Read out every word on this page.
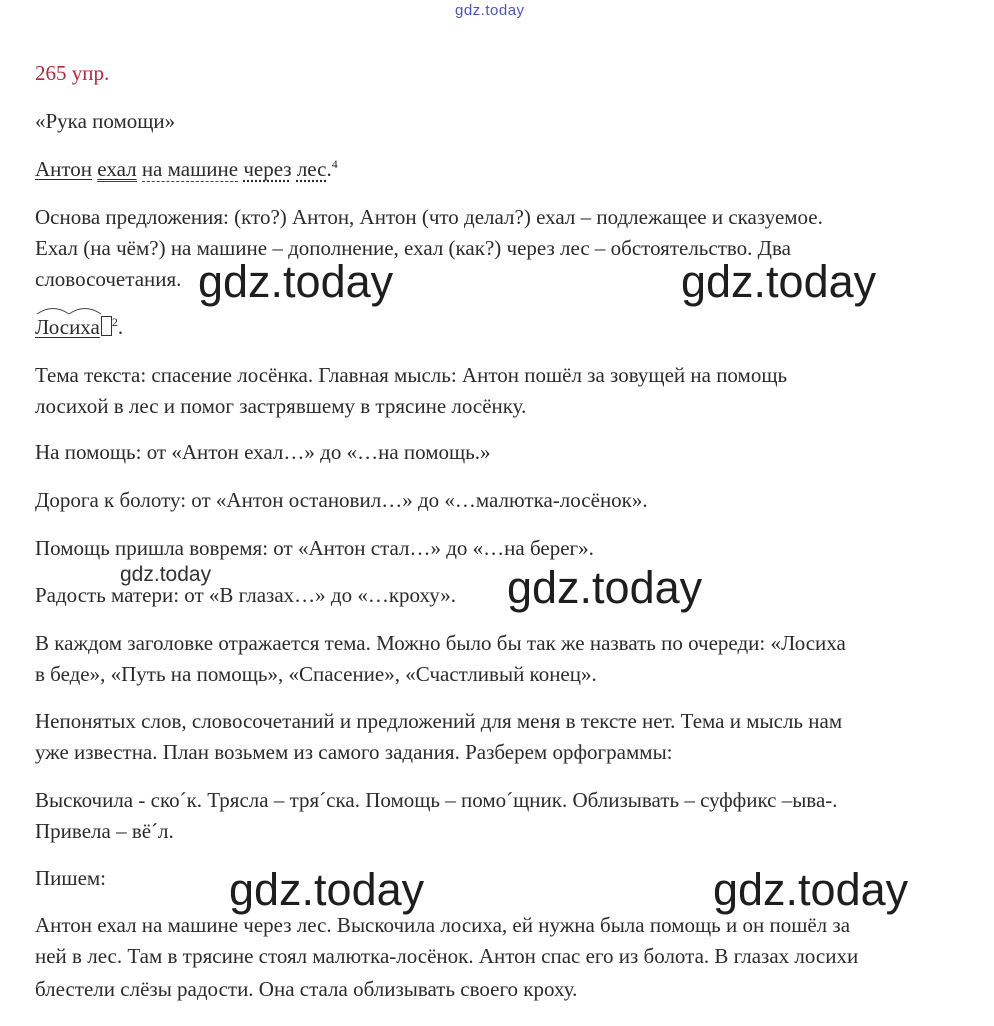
gdz.today

265 упр.

«Рука помощи»

Антон ехал на машине через лес.$^4$

Основа предложения: (кто?) Антон, Антон (что делал?) ехал – подлежащее и сказуемое.

Ехал (на чём?) на машине – дополнение, ехал (как?) через лес – обстоятельство. Два

словосочетания.

Лосиха $^2$.

Тема текста: спасение лосёнка. Главная мысль: Антон пошёл за зовущей на помощь

лосихой в лес и помог застрявшему в трясине лосёнку.

На помощь: от «Антон ехал…» до «…на помощь.»

Дорога к болоту: от «Антон остановил…» до «…малютка-лосёнок».

Помощь пришла вовремя: от «Антон стал…» до «…на берег».

Радость матери: от «В глазах…» до «…кроху».

В каждом заголовке отражается тема. Можно было бы так же назвать по очереди: «Лосиха

в беде», «Путь на помощь», «Спасение», «Счастливый конец».

Непонятых слов, словосочетаний и предложений для меня в тексте нет. Тема и мысль нам

уже известна. План возьмем из самого задания. Разберем орфограммы:

Выскочила - ско´к. Трясла – тря´ска. Помощь – помо´щник. Облизывать – суффикс –ыва-.

Привела – вё´л.

Пишем:

Антон ехал на машине через лес. Выскочила лосиха, ей нужна была помощь и он пошёл за

ней в лес. Там в трясине стоял малютка-лосёнок. Антон спас его из болота. В глазах лосихи

блестели слёзы радости. Она стала облизывать своего кроху.

gdz.today	gdz.today
gdz.today	gdz.today
gdz.today	gdz.today
